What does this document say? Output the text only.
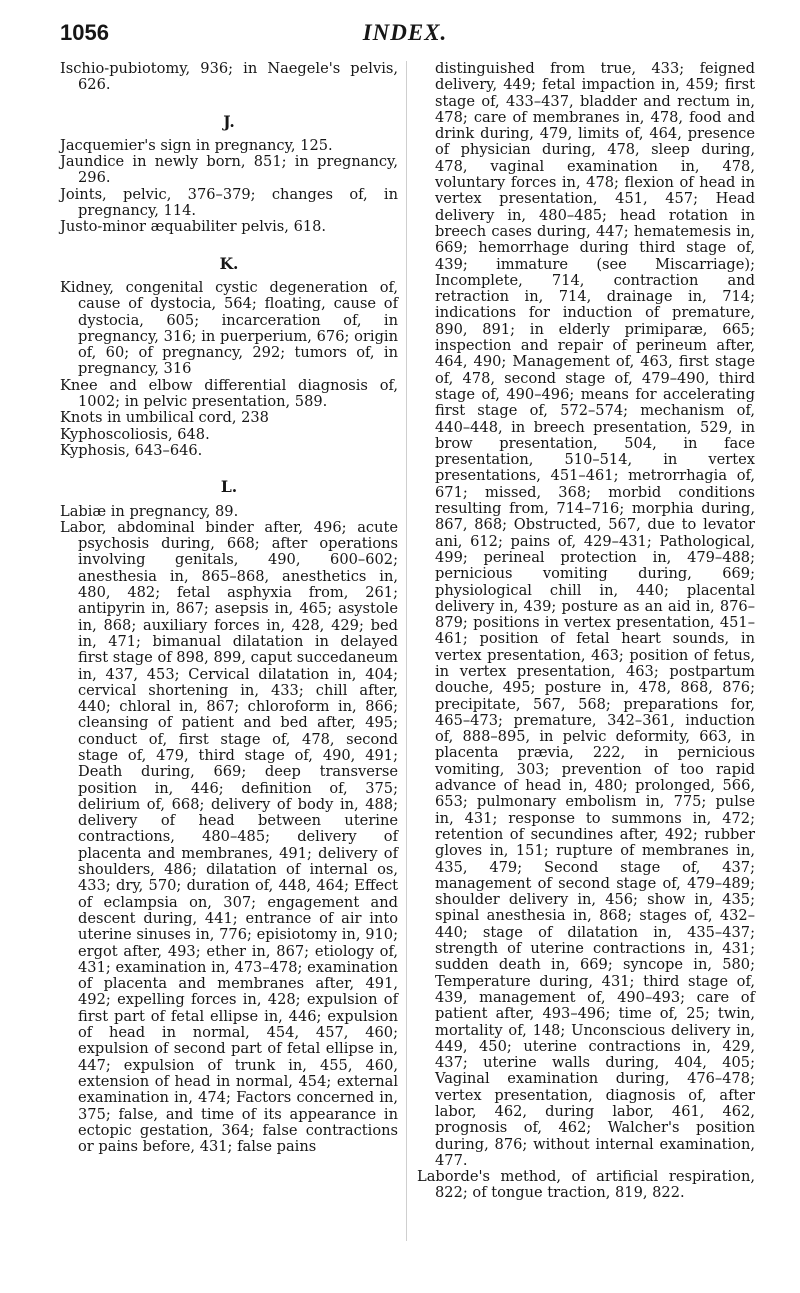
1056	INDEX.

Ischio-pubiotomy, 936; in Naegele's pelvis, 626.

J.

Jacquemier's sign in pregnancy, 125.

Jaundice in newly born, 851; in pregnancy, 296.

Joints, pelvic, 376–379; changes of, in pregnancy, 114.

Justo-minor æquabiliter pelvis, 618.

K.

Kidney, congenital cystic degeneration of, cause of dystocia, 564; floating, cause of dystocia, 605; incarceration of, in pregnancy, 316; in puerperium, 676; origin of, 60; of pregnancy, 292; tumors of, in pregnancy, 316

Knee and elbow differential diagnosis of, 1002; in pelvic presentation, 589.

Knots in umbilical cord, 238

Kyphoscoliosis, 648.

Kyphosis, 643–646.

L.

Labiæ in pregnancy, 89.

Labor, abdominal binder after, 496; acute psychosis during, 668; after operations involving genitals, 490, 600–602; anesthesia in, 865–868, anesthetics in, 480, 482; fetal asphyxia from, 261; antipyrin in, 867; asepsis in, 465; asystole in, 868; auxiliary forces in, 428, 429; bed in, 471; bimanual dilatation in delayed first stage of 898, 899, caput succedaneum in, 437, 453; Cervical dilatation in, 404; cervical shortening in, 433; chill after, 440; chloral in, 867; chloroform in, 866; cleansing of patient and bed after, 495; conduct of, first stage of, 478, second stage of, 479, third stage of, 490, 491; Death during, 669; deep transverse position in, 446; definition of, 375; delirium of, 668; delivery of body in, 488; delivery of head between uterine contractions, 480–485; delivery of placenta and membranes, 491; delivery of shoulders, 486; dilatation of internal os, 433; dry, 570; duration of, 448, 464; Effect of eclampsia on, 307; engagement and descent during, 441; entrance of air into uterine sinuses in, 776; episiotomy in, 910; ergot after, 493; ether in, 867; etiology of, 431; examination in, 473–478; examination of placenta and membranes after, 491, 492; expelling forces in, 428; expulsion of first part of fetal ellipse in, 446; expulsion of head in normal, 454, 457, 460; expulsion of second part of fetal ellipse in, 447; expulsion of trunk in, 455, 460, extension of head in normal, 454; external examination in, 474; Factors concerned in, 375; false, and time of its appearance in ectopic gestation, 364; false contractions or pains before, 431; false pains

distinguished from true, 433; feigned delivery, 449; fetal impaction in, 459; first stage of, 433–437, bladder and rectum in, 478; care of membranes in, 478, food and drink during, 479, limits of, 464, presence of physician during, 478, sleep during, 478, vaginal examination in, 478, voluntary forces in, 478; flexion of head in vertex presentation, 451, 457; Head delivery in, 480–485; head rotation in breech cases during, 447; hematemesis in, 669; hemorrhage during third stage of, 439; immature (see Miscarriage); Incomplete, 714, contraction and retraction in, 714, drainage in, 714; indications for induction of premature, 890, 891; in elderly primiparæ, 665; inspection and repair of perineum after, 464, 490; Management of, 463, first stage of, 478, second stage of, 479–490, third stage of, 490–496; means for accelerating first stage of, 572–574; mechanism of, 440–448, in breech presentation, 529, in brow presentation, 504, in face presentation, 510–514, in vertex presentations, 451–461; metrorrhagia of, 671; missed, 368; morbid conditions resulting from, 714–716; morphia during, 867, 868; Obstructed, 567, due to levator ani, 612; pains of, 429–431; Pathological, 499; perineal protection in, 479–488; pernicious vomiting during, 669; physiological chill in, 440; placental delivery in, 439; posture as an aid in, 876–879; positions in vertex presentation, 451–461; position of fetal heart sounds, in vertex presentation, 463; position of fetus, in vertex presentation, 463; postpartum douche, 495; posture in, 478, 868, 876; precipitate, 567, 568; preparations for, 465–473; premature, 342–361, induction of, 888–895, in pelvic deformity, 663, in placenta prævia, 222, in pernicious vomiting, 303; prevention of too rapid advance of head in, 480; prolonged, 566, 653; pulmonary embolism in, 775; pulse in, 431; response to summons in, 472; retention of secundines after, 492; rubber gloves in, 151; rupture of membranes in, 435, 479; Second stage of, 437; management of second stage of, 479–489; shoulder delivery in, 456; show in, 435; spinal anesthesia in, 868; stages of, 432–440; stage of dilatation in, 435–437; strength of uterine contractions in, 431; sudden death in, 669; syncope in, 580; Temperature during, 431; third stage of, 439, management of, 490–493; care of patient after, 493–496; time of, 25; twin, mortality of, 148; Unconscious delivery in, 449, 450; uterine contractions in, 429, 437; uterine walls during, 404, 405; Vaginal examination during, 476–478; vertex presentation, diagnosis of, after labor, 462, during labor, 461, 462, prognosis of, 462; Walcher's position during, 876; without internal examination, 477.

Laborde's method, of artificial respiration, 822; of tongue traction, 819, 822.
